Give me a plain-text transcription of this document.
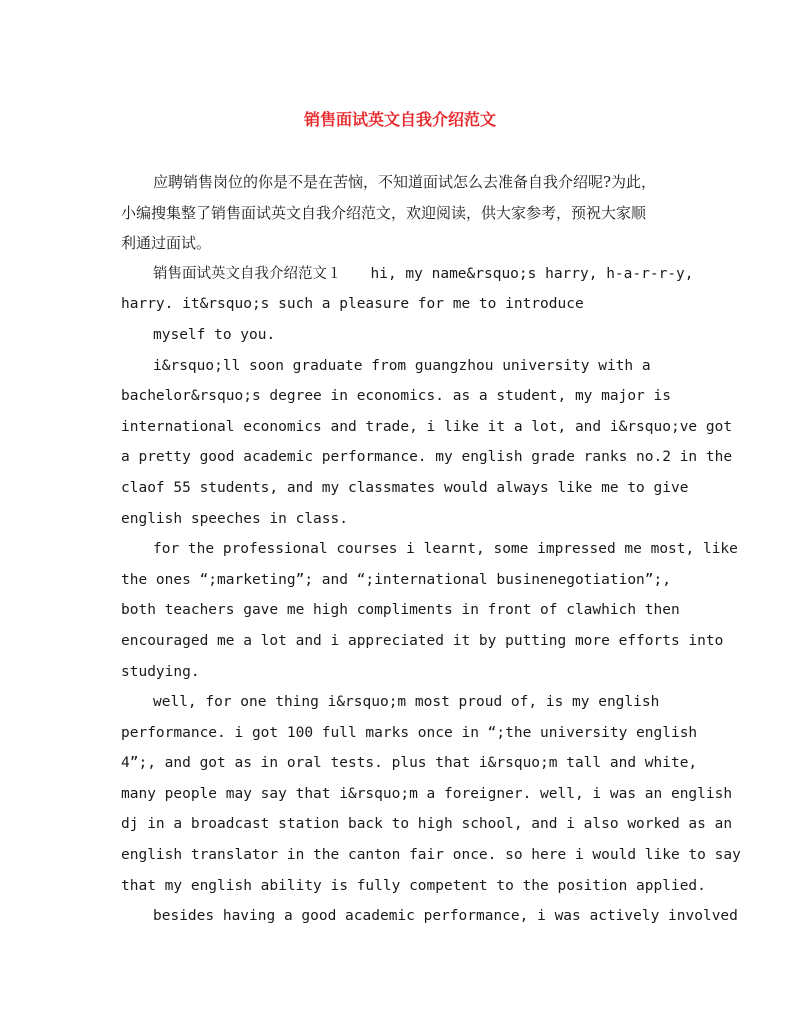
销售面试英文自我介绍范文
应聘销售岗位的你是不是在苦恼，不知道面试怎么去准备自我介绍呢?为此，
小编搜集整了销售面试英文自我介绍范文，欢迎阅读，供大家参考，预祝大家顺
利通过面试。
销售面试英文自我介绍范文１　　hi, my name&rsquo;s harry, h-a-r-r-y,
harry. it&rsquo;s such a pleasure for me to introduce
myself to you.
i&rsquo;ll soon graduate from guangzhou university with a
bachelor&rsquo;s degree in economics. as a student, my major is
international economics and trade, i like it a lot, and i&rsquo;ve got
a pretty good academic performance. my english grade ranks no.2 in the
claof 55 students, and my classmates would always like me to give
english speeches in class.
for the professional courses i learnt, some impressed me most, like
the ones “;marketing”; and “;international businenegotiation”;,
both teachers gave me high compliments in front of clawhich then
encouraged me a lot and i appreciated it by putting more efforts into
studying.
well, for one thing i&rsquo;m most proud of, is my english
performance. i got 100 full marks once in “;the university english
4”;, and got as in oral tests. plus that i&rsquo;m tall and white,
many people may say that i&rsquo;m a foreigner. well, i was an english
dj in a broadcast station back to high school, and i also worked as an
english translator in the canton fair once. so here i would like to say
that my english ability is fully competent to the position applied.
besides having a good academic performance, i was actively involved
